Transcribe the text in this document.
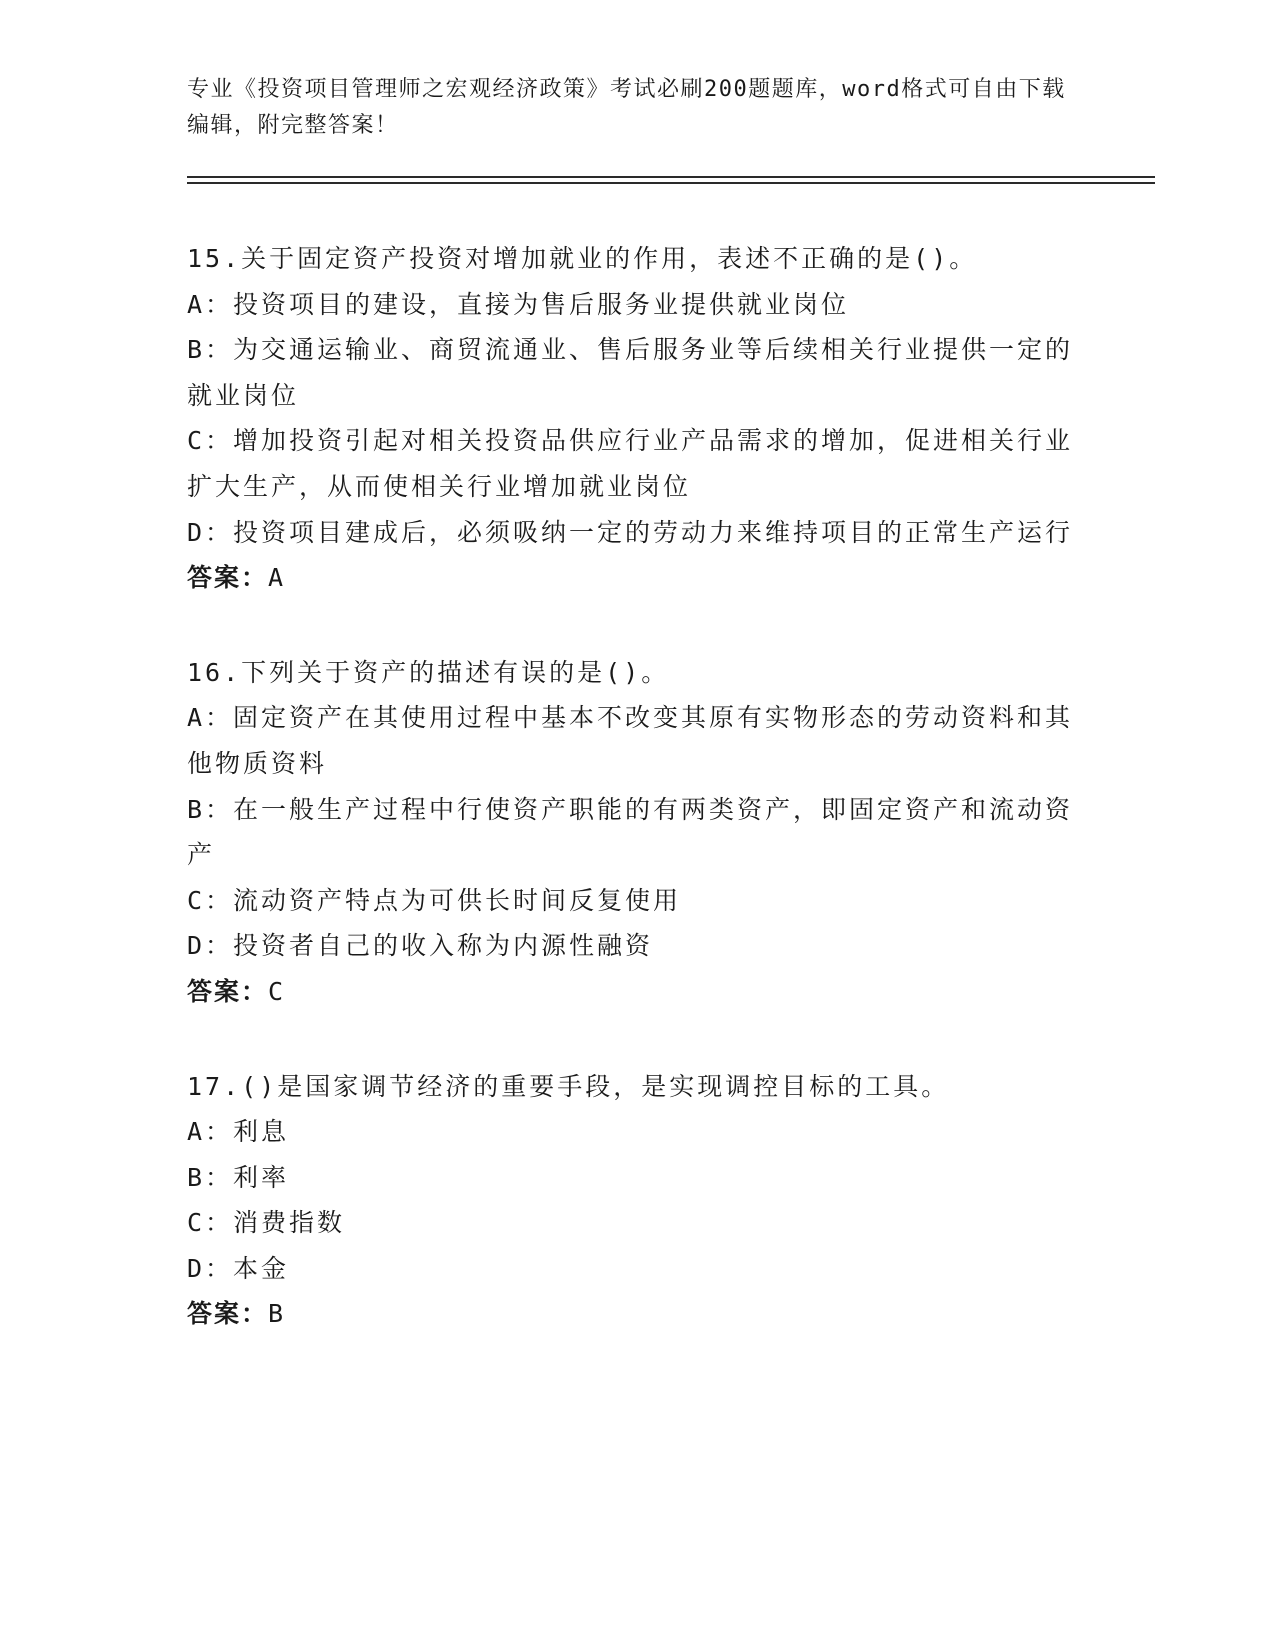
专业《投资项目管理师之宏观经济政策》考试必刷200题题库，word格式可自由下载编辑，附完整答案！
15.关于固定资产投资对增加就业的作用，表述不正确的是()。
A：投资项目的建设，直接为售后服务业提供就业岗位
B：为交通运输业、商贸流通业、售后服务业等后续相关行业提供一定的就业岗位
C：增加投资引起对相关投资品供应行业产品需求的增加，促进相关行业扩大生产，从而使相关行业增加就业岗位
D：投资项目建成后，必须吸纳一定的劳动力来维持项目的正常生产运行
答案：A
16.下列关于资产的描述有误的是()。
A：固定资产在其使用过程中基本不改变其原有实物形态的劳动资料和其他物质资料
B：在一般生产过程中行使资产职能的有两类资产，即固定资产和流动资产
C：流动资产特点为可供长时间反复使用
D：投资者自己的收入称为内源性融资
答案：C
17.()是国家调节经济的重要手段，是实现调控目标的工具。
A：利息
B：利率
C：消费指数
D：本金
答案：B
